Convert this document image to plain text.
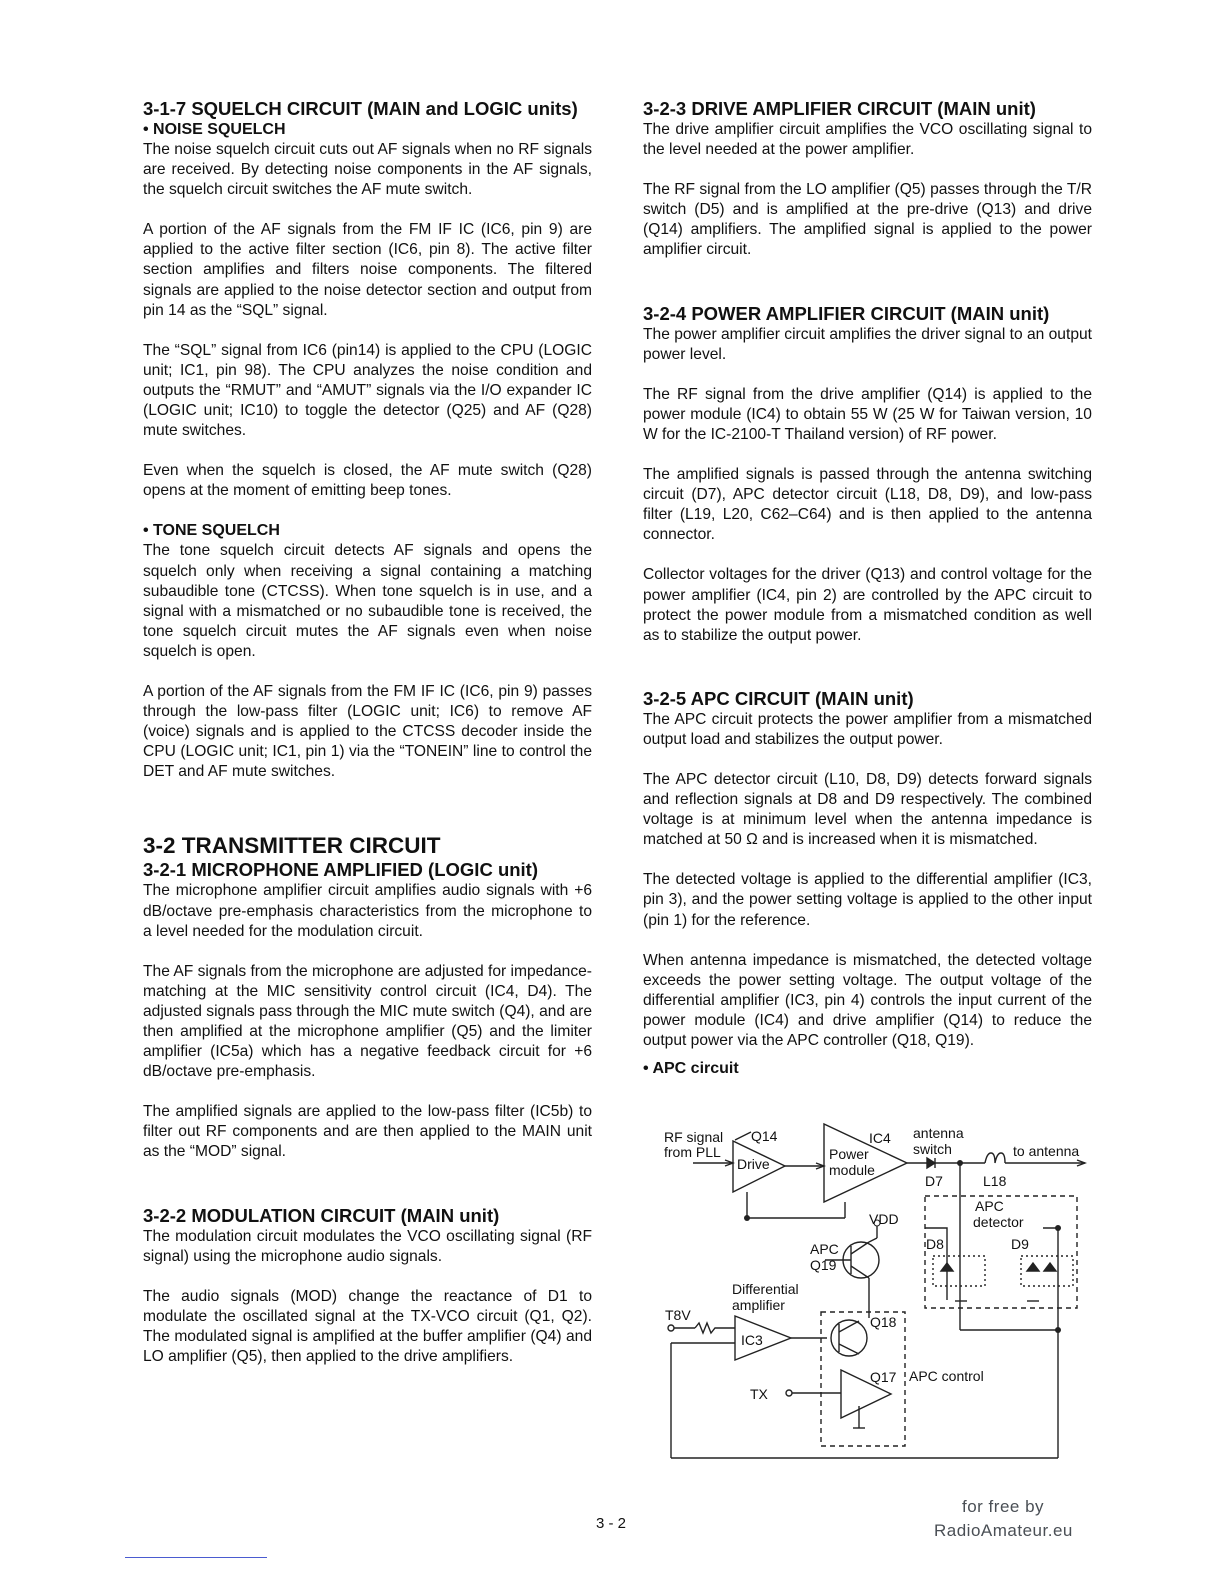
3-1-7 SQUELCH CIRCUIT (MAIN and LOGIC units)
• NOISE SQUELCH

The noise squelch circuit cuts out AF signals when no RF signals are received. By detecting noise components in the AF signals, the squelch circuit switches the AF mute switch.

A portion of the AF signals from the FM IF IC (IC6, pin 9) are applied to the active filter section (IC6, pin 8). The active filter section amplifies and filters noise components. The filtered signals are applied to the noise detector section and output from pin 14 as the “SQL” signal.

The “SQL” signal from IC6 (pin14) is applied to the CPU (LOGIC unit; IC1, pin 98). The CPU analyzes the noise condition and outputs the “RMUT” and “AMUT” signals via the I/O expander IC (LOGIC unit; IC10) to toggle the detector (Q25) and AF (Q28) mute switches.

Even when the squelch is closed, the AF mute switch (Q28) opens at the moment of emitting beep tones.

• TONE SQUELCH

The tone squelch circuit detects AF signals and opens the squelch only when receiving a signal containing a matching subaudible tone (CTCSS). When tone squelch is in use, and a signal with a mismatched or no subaudible tone is received, the tone squelch circuit mutes the AF signals even when noise squelch is open.

A portion of the AF signals from the FM IF IC (IC6, pin 9) passes through the low-pass filter (LOGIC unit; IC6) to remove AF (voice) signals and is applied to the CTCSS decoder inside the CPU (LOGIC unit; IC1, pin 1) via the “TONEIN” line to control the DET and AF mute switches.

3-2 TRANSMITTER CIRCUIT
3-2-1 MICROPHONE AMPLIFIED (LOGIC unit)

The microphone amplifier circuit amplifies audio signals with +6 dB/octave pre-emphasis characteristics from the microphone to a level needed for the modulation circuit.

The AF signals from the microphone are adjusted for impedance-matching at the MIC sensitivity control circuit (IC4, D4). The adjusted signals pass through the MIC mute switch (Q4), and are then amplified at the microphone amplifier (Q5) and the limiter amplifier (IC5a) which has a negative feedback circuit for +6 dB/octave pre-emphasis.

The amplified signals are applied to the low-pass filter (IC5b) to filter out RF components and are then applied to the MAIN unit as the “MOD” signal.

3-2-2 MODULATION CIRCUIT (MAIN unit)

The modulation circuit modulates the VCO oscillating signal (RF signal) using the microphone audio signals.

The audio signals (MOD) change the reactance of D1 to modulate the oscillated signal at the TX-VCO circuit (Q1, Q2). The modulated signal is amplified at the buffer amplifier (Q4) and LO amplifier (Q5), then applied to the drive amplifiers.

3-2-3 DRIVE AMPLIFIER CIRCUIT (MAIN unit)

The drive amplifier circuit amplifies the VCO oscillating signal to the level needed at the power amplifier.

The RF signal from the LO amplifier (Q5) passes through the T/R switch (D5) and is amplified at the pre-drive (Q13) and drive (Q14) amplifiers. The amplified signal is applied to the power amplifier circuit.

3-2-4 POWER AMPLIFIER CIRCUIT (MAIN unit)

The power amplifier circuit amplifies the driver signal to an output power level.

The RF signal from the drive amplifier (Q14) is applied to the power module (IC4) to obtain 55 W (25 W for Taiwan version, 10 W for the IC-2100-T Thailand version) of RF power.

The amplified signals is passed through the antenna switching circuit (D7), APC detector circuit (L18, D8, D9), and low-pass filter (L19, L20, C62–C64) and is then applied to the antenna connector.

Collector voltages for the driver (Q13) and control voltage for the power amplifier (IC4, pin 2) are controlled by the APC circuit to protect the power module from a mismatched condition as well as to stabilize the output power.

3-2-5 APC CIRCUIT (MAIN unit)

The APC circuit protects the power amplifier from a mismatched output load and stabilizes the output power.

The APC detector circuit (L10, D8, D9) detects forward signals and reflection signals at D8 and D9 respectively. The combined voltage is at minimum level when the antenna impedance is matched at 50 Ω and is increased when it is mismatched.

The detected voltage is applied to the differential amplifier (IC3, pin 3), and the power setting voltage is applied to the other input (pin 1) for the reference.

When antenna impedance is mismatched, the detected voltage exceeds the power setting voltage. The output voltage of the differential amplifier (IC3, pin 4) controls the input current of the power module (IC4) and drive amplifier (Q14) to reduce the output power via the APC controller (Q18, Q19).

• APC circuit
RF signal
from PLL
Q14
Drive
IC4
Power
module
antenna
switch	to antenna
D7	L18
APC
detector
VDD
APC
Q19
D8	D9
Differential
amplifier
T8V
IC3
Q18
Q17 APC control
TX
3 - 2
for free by
RadioAmateur.eu
